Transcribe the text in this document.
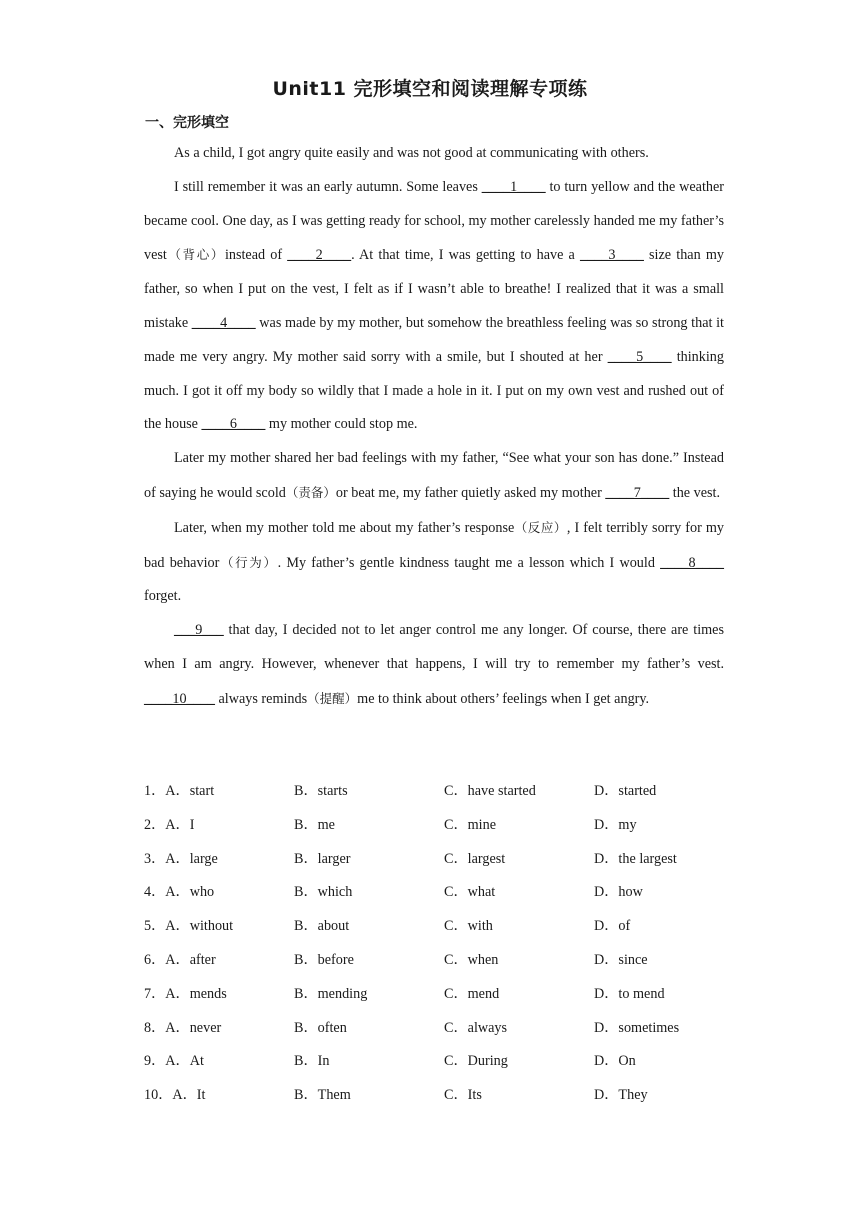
Unit11 完形填空和阅读理解专项练
一、完形填空

As a child, I got angry quite easily and was not good at communicating with others.

I still remember it was an early autumn. Some leaves ____1____ to turn yellow and the weather became cool. One day, as I was getting ready for school, my mother carelessly handed me my father’s vest（背心）instead of ____2____. At that time, I was getting to have a ____3____ size than my father, so when I put on the vest, I felt as if I wasn’t able to breathe! I realized that it was a small mistake ____4____ was made by my mother, but somehow the breathless feeling was so strong that it made me very angry. My mother said sorry with a smile, but I shouted at her ____5____ thinking much. I got it off my body so wildly that I made a hole in it. I put on my own vest and rushed out of the house ____6____ my mother could stop me.

Later my mother shared her bad feelings with my father, “See what your son has done.” Instead of saying he would scold（责备）or beat me, my father quietly asked my mother ____7____ the vest.

Later, when my mother told me about my father’s response（反应）, I felt terribly sorry for my bad behavior（行为）. My father’s gentle kindness taught me a lesson which I would ____8____ forget.

___9___ that day, I decided not to let anger control me any longer. Of course, there are times when I am angry. However, whenever that happens, I will try to remember my father’s vest. ____10____ always reminds（提醒）me to think about others’ feelings when I get angry.

1．A．start	B．starts	C．have started	D．started
2．A．I	B．me	C．mine	D．my
3．A．large	B．larger	C．largest	D．the largest
4．A．who	B．which	C．what	D．how
5．A．without	B．about	C．with	D．of
6．A．after	B．before	C．when	D．since
7．A．mends	B．mending	C．mend	D．to mend
8．A．never	B．often	C．always	D．sometimes
9．A．At	B．In	C．During	D．On
10．A．It	B．Them	C．Its	D．They
